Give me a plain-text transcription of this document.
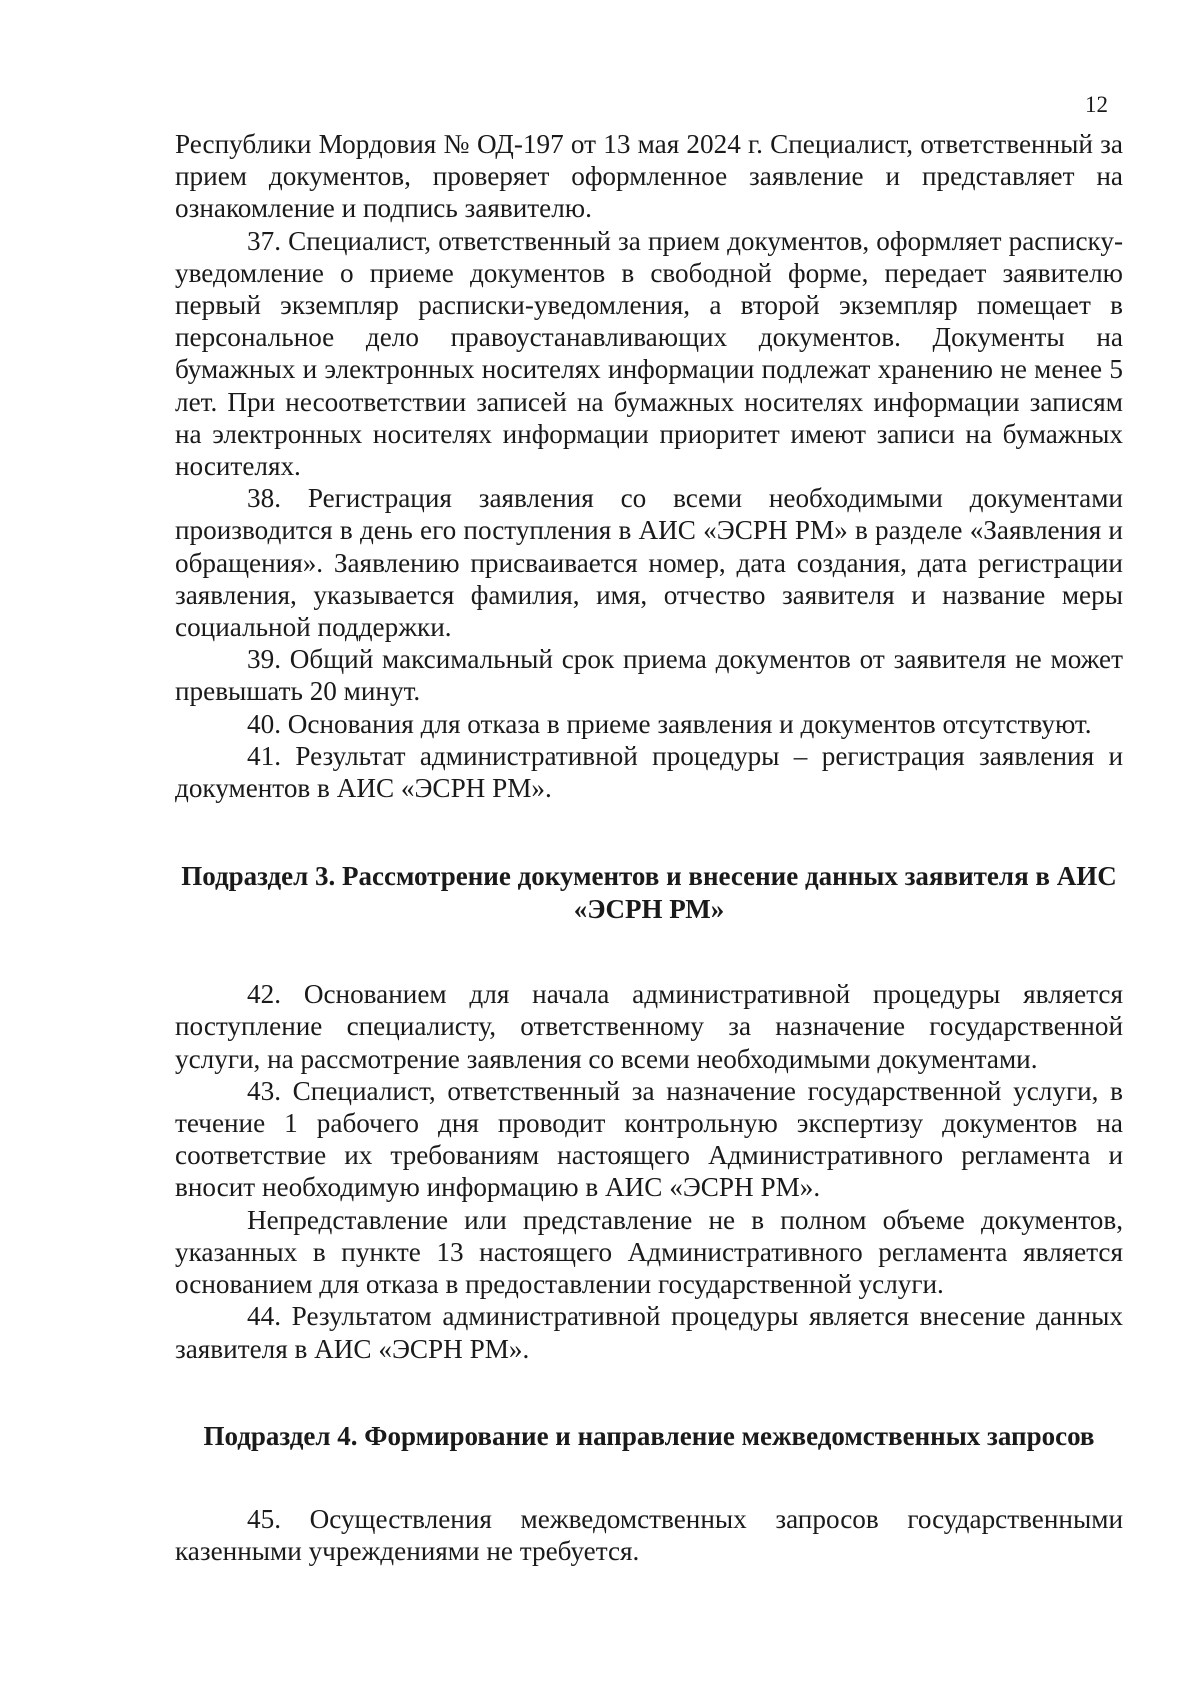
12

Республики Мордовия № ОД-197 от 13 мая 2024 г. Специалист, ответственный за прием документов, проверяет оформленное заявление и представляет на ознакомление и подпись заявителю.

37. Специалист, ответственный за прием документов, оформляет расписку-уведомление о приеме документов в свободной форме, передает заявителю первый экземпляр расписки-уведомления, а второй экземпляр помещает в персональное дело правоустанавливающих документов. Документы на бумажных и электронных носителях информации подлежат хранению не менее 5 лет. При несоответствии записей на бумажных носителях информации записям на электронных носителях информации приоритет имеют записи на бумажных носителях.

38. Регистрация заявления со всеми необходимыми документами производится в день его поступления в АИС «ЭСРН РМ» в разделе «Заявления и обращения». Заявлению присваивается номер, дата создания, дата регистрации заявления, указывается фамилия, имя, отчество заявителя и название меры социальной поддержки.

39. Общий максимальный срок приема документов от заявителя не может превышать 20 минут.

40. Основания для отказа в приеме заявления и документов отсутствуют.

41. Результат административной процедуры – регистрация заявления и документов в АИС «ЭСРН РМ».

Подраздел 3. Рассмотрение документов и внесение данных заявителя в АИС «ЭСРН РМ»

42. Основанием для начала административной процедуры является поступление специалисту, ответственному за назначение государственной услуги, на рассмотрение заявления со всеми необходимыми документами.

43. Специалист, ответственный за назначение государственной услуги, в течение 1 рабочего дня проводит контрольную экспертизу документов на соответствие их требованиям настоящего Административного регламента и вносит необходимую информацию в АИС «ЭСРН РМ».

Непредставление или представление не в полном объеме документов, указанных в пункте 13 настоящего Административного регламента является основанием для отказа в предоставлении государственной услуги.

44. Результатом административной процедуры является внесение данных заявителя в АИС «ЭСРН РМ».

Подраздел 4. Формирование и направление межведомственных запросов

45. Осуществления межведомственных запросов государственными казенными учреждениями не требуется.
